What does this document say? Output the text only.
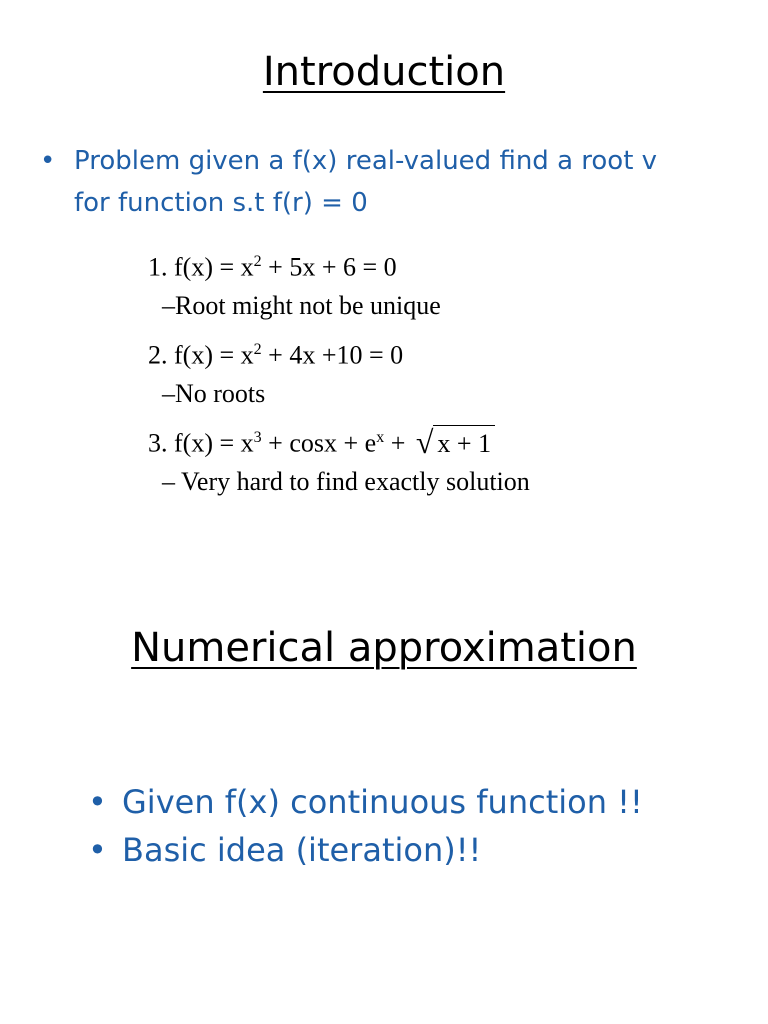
Introduction
• Problem given a f(x) real-valued find a root v
for function s.t f(r) = 0
1. $f(x) = x^2 + 5x + 6 = 0$
–Root might not be unique
2. $f(x) = x^2 + 4x +10 = 0$
–No roots
3. $f(x) = x^3 + \cos x + e^x$ + √ x + 1
– Very hard to find exactly solution
Numerical approximation
• Given f(x) continuous function !!
• Basic idea (iteration)!!
